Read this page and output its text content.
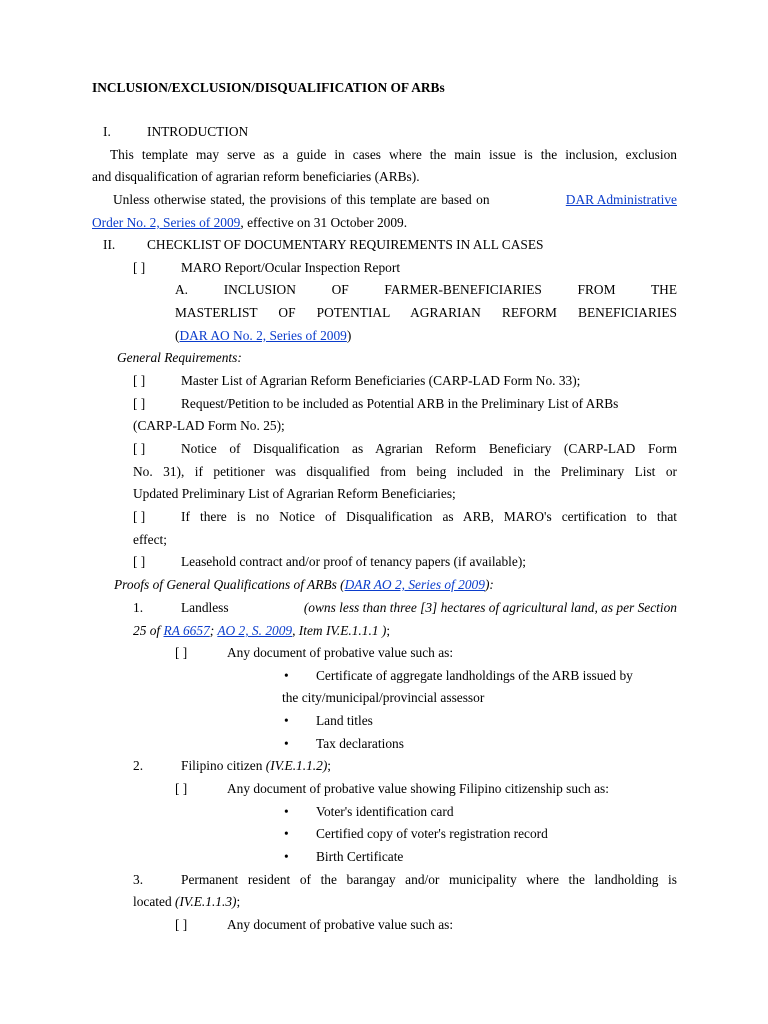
INCLUSION/EXCLUSION/DISQUALIFICATION OF ARBs
I.	INTRODUCTION
This template may serve as a guide in cases where the main issue is the inclusion, exclusion
and disqualification of agrarian reform beneficiaries (ARBs).
Unless otherwise stated, the provisions of this template are based on	DAR Administrative
Order No. 2, Series of 2009, effective on 31 October 2009.
II. CHECKLIST OF DOCUMENTARY REQUIREMENTS IN ALL CASES
[ ]	MARO Report/Ocular Inspection Report
A.        INCLUSION        OF        FARMER-BENEFICIARIES        FROM        THE
MASTERLIST OF POTENTIAL AGRARIAN REFORM BENEFICIARIES
(DAR AO No. 2, Series of 2009)
General Requirements:
[ ]	Master List of Agrarian Reform Beneficiaries (CARP-LAD Form No. 33);
[ ]	Request/Petition to be included as Potential ARB in the Preliminary List of ARBs
(CARP-LAD Form No. 25);
[ ]	Notice of Disqualification as Agrarian Reform Beneficiary (CARP-LAD Form
No. 31), if petitioner was disqualified from being included in the Preliminary List or
Updated Preliminary List of Agrarian Reform Beneficiaries;
[ ]	If there is no Notice of Disqualification as ARB, MARO's certification to that
effect;
[ ]	Leasehold contract and/or proof of tenancy papers (if available);
Proofs of General Qualifications of ARBs (DAR AO 2, Series of 2009):
1.	Landless	(owns less than three [3] hectares of agricultural land, as per Section
25 of RA 6657; AO 2, S. 2009, Item IV.E.1.1.1 );
[ ]	Any document of probative value such as:
• Certificate of aggregate landholdings of the ARB issued by
the city/municipal/provincial assessor
• Land titles
• Tax declarations
2.	Filipino citizen (IV.E.1.1.2);
[ ]	Any document of probative value showing Filipino citizenship such as:
• Voter's identification card
• Certified copy of voter's registration record
• Birth Certificate
3.	Permanent resident of the barangay and/or municipality where the landholding is
located (IV.E.1.1.3);
[ ]	Any document of probative value such as:
